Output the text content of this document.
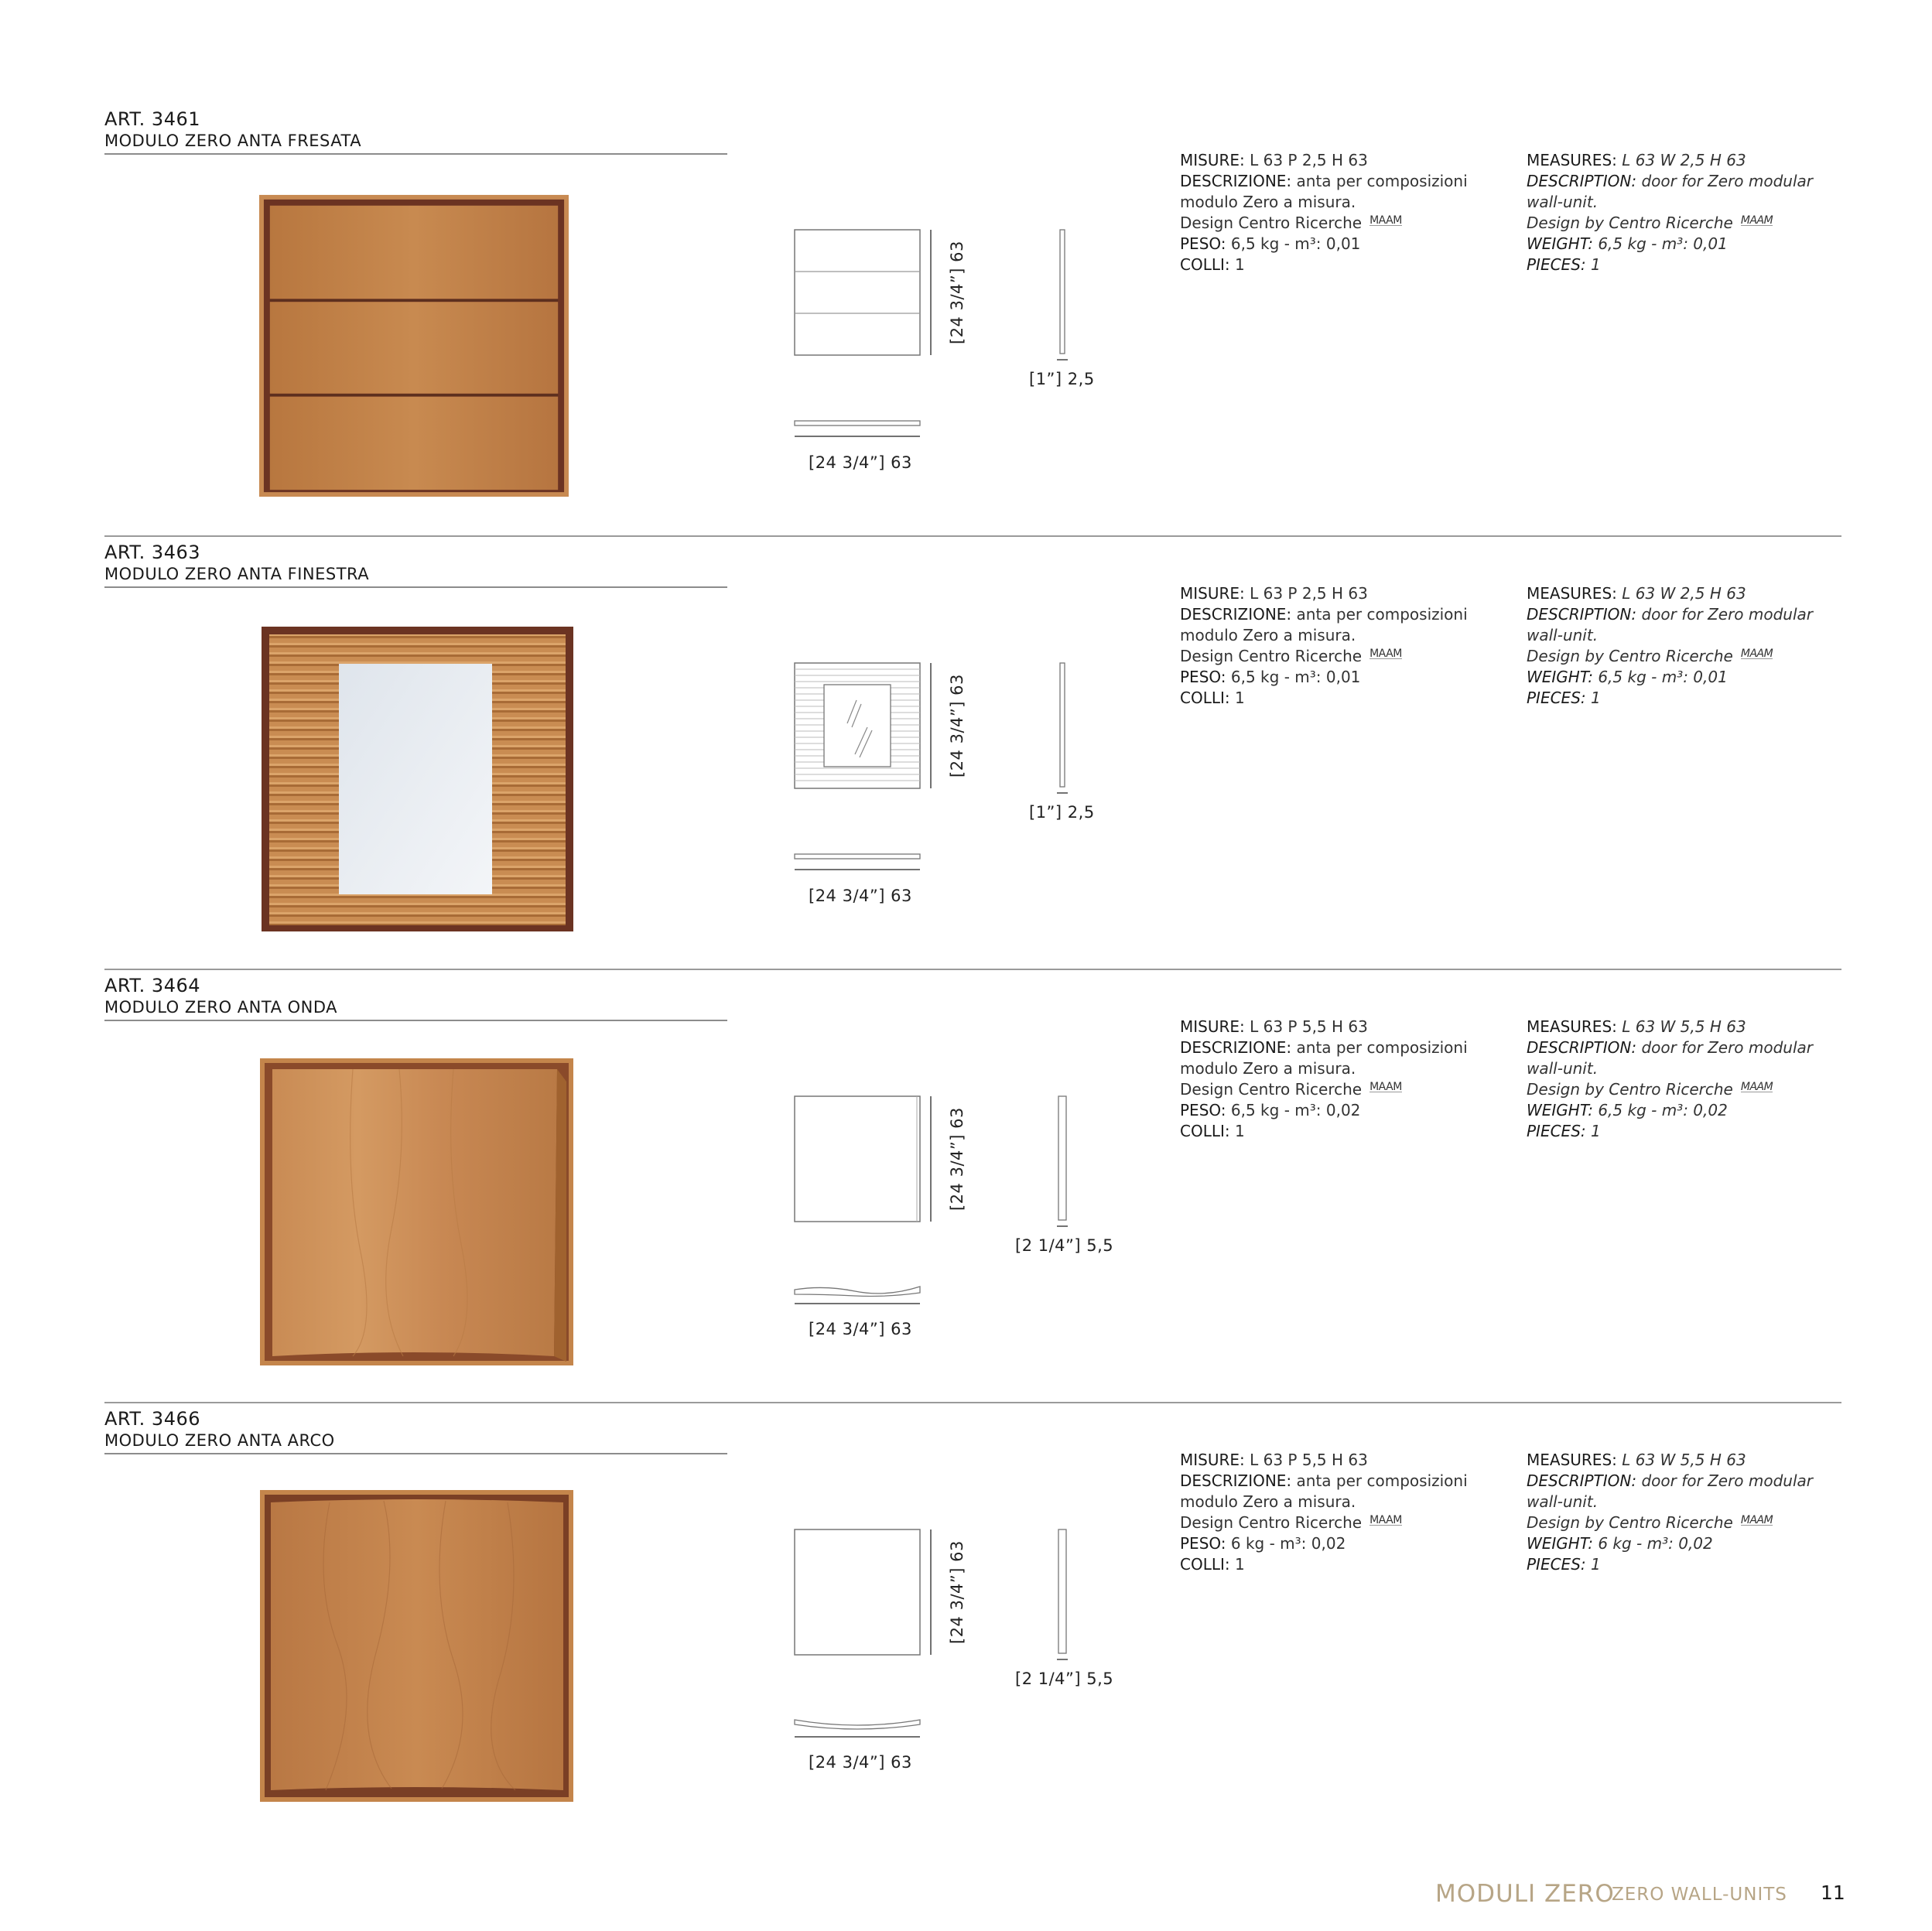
ART. 3461
MODULO ZERO ANTA FRESATA
[24 3/4”] 63
[1”] 2,5
[24 3/4”] 63
MISURE: L 63 P 2,5 H 63
DESCRIZIONE: anta per composizioni
modulo Zero a misura.
Design Centro Ricerche MAAM
PESO: 6,5 kg - m³: 0,01
COLLI: 1
MEASURES: L 63 W 2,5 H 63
DESCRIPTION: door for Zero modular
wall-unit.
Design by Centro Ricerche MAAM
WEIGHT: 6,5 kg - m³: 0,01
PIECES: 1
ART. 3463
MODULO ZERO ANTA FINESTRA
[24 3/4”] 63
[1”] 2,5
[24 3/4”] 63
MISURE: L 63 P 2,5 H 63
DESCRIZIONE: anta per composizioni
modulo Zero a misura.
Design Centro Ricerche MAAM
PESO: 6,5 kg - m³: 0,01
COLLI: 1
MEASURES: L 63 W 2,5 H 63
DESCRIPTION: door for Zero modular
wall-unit.
Design by Centro Ricerche MAAM
WEIGHT: 6,5 kg - m³: 0,01
PIECES: 1
ART. 3464
MODULO ZERO ANTA ONDA
[24 3/4”] 63
[2 1/4”] 5,5
[24 3/4”] 63
MISURE: L 63 P 5,5 H 63
DESCRIZIONE: anta per composizioni
modulo Zero a misura.
Design Centro Ricerche MAAM
PESO: 6,5 kg - m³: 0,02
COLLI: 1
MEASURES: L 63 W 5,5 H 63
DESCRIPTION: door for Zero modular
wall-unit.
Design by Centro Ricerche MAAM
WEIGHT: 6,5 kg - m³: 0,02
PIECES: 1
ART. 3466
MODULO ZERO ANTA ARCO
[24 3/4”] 63
[2 1/4”] 5,5
[24 3/4”] 63
MISURE: L 63 P 5,5 H 63
DESCRIZIONE: anta per composizioni
modulo Zero a misura.
Design Centro Ricerche MAAM
PESO: 6 kg - m³: 0,02
COLLI: 1
MEASURES: L 63 W 5,5 H 63
DESCRIPTION: door for Zero modular
wall-unit.
Design by Centro Ricerche MAAM
WEIGHT: 6 kg - m³: 0,02
PIECES: 1
MODULI ZERO
ZERO WALL-UNITS 11
